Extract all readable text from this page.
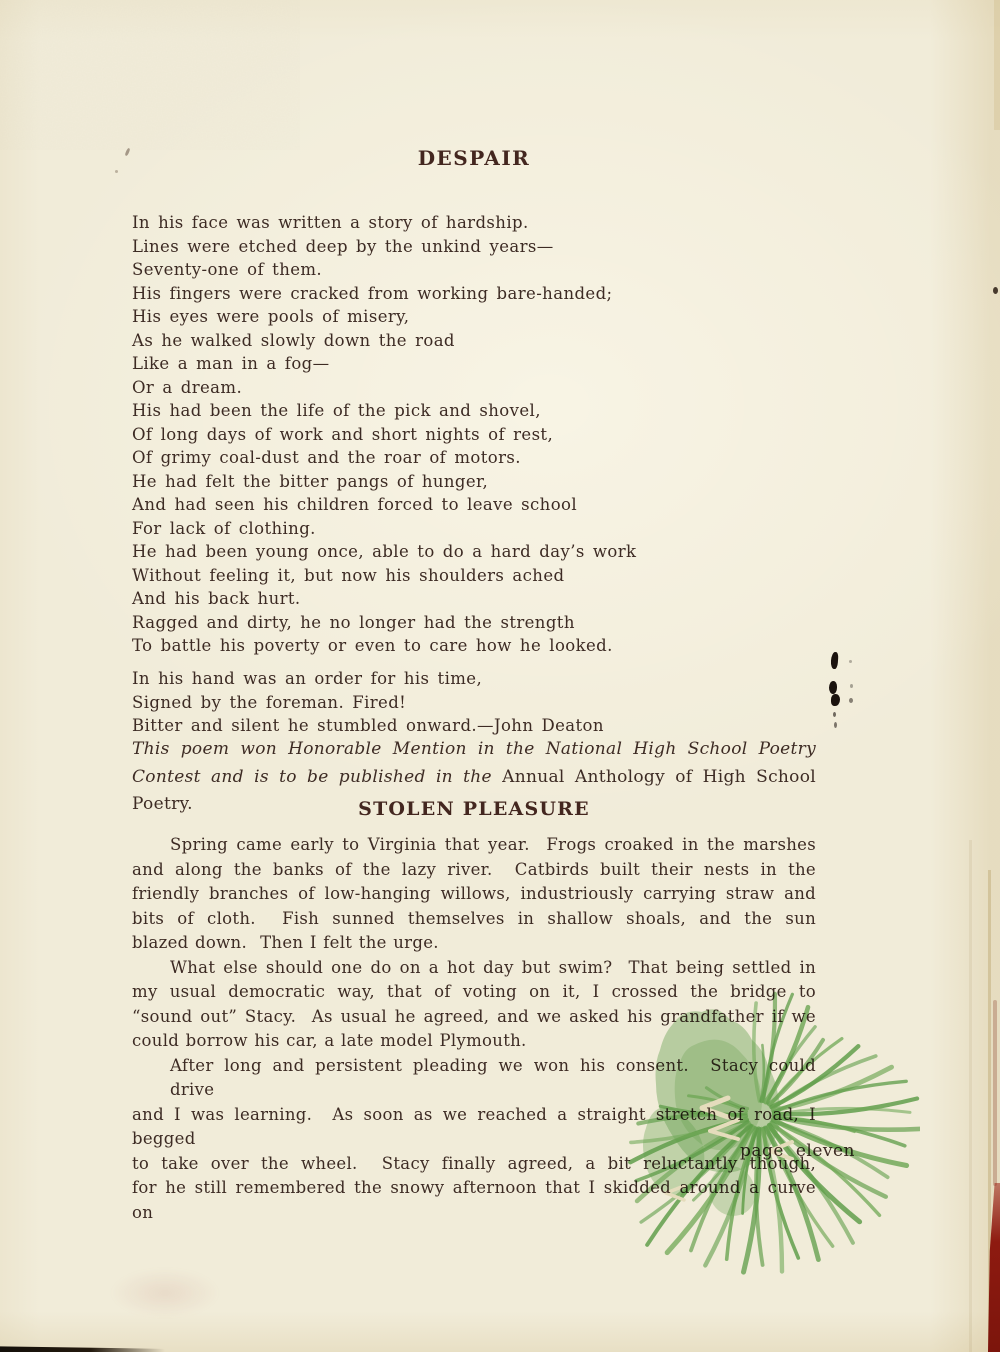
DESPAIR
In his face was written a story of hardship.
Lines were etched deep by the unkind years—
Seventy-one of them.
His fingers were cracked from working bare-handed;
His eyes were pools of misery,
As he walked slowly down the road
Like a man in a fog—
Or a dream.
His had been the life of the pick and shovel,
Of long days of work and short nights of rest,
Of grimy coal-dust and the roar of motors.
He had felt the bitter pangs of hunger,
And had seen his children forced to leave school
For lack of clothing.
He had been young once, able to do a hard day’s work
Without feeling it, but now his shoulders ached
And his back hurt.
Ragged and dirty, he no longer had the strength
To battle his poverty or even to care how he looked.
In his hand was an order for his time,
Signed by the foreman. Fired!
Bitter and silent he stumbled onward.—John Deaton
This poem won Honorable Mention in the National High School Poetry
Contest and is to be published in the Annual Anthology of High School Poetry.	STOLEN PLEASURE
Spring came early to Virginia that year.  Frogs croaked in the marshes
and along the banks of the lazy river.  Catbirds built their nests in the
friendly branches of low-hanging willows, industriously carrying straw and
bits of cloth.  Fish sunned themselves in shallow shoals, and the sun
blazed down.  Then I felt the urge.
What else should one do on a hot day but swim?  That being settled in
my usual democratic way, that of voting on it, I crossed the bridge to
“sound out” Stacy.  As usual he agreed, and we asked his grandfather if we
could borrow his car, a late model Plymouth.
After long and persistent pleading we won his consent.  Stacy could drive
and I was learning.  As soon as we reached a straight stretch of road, I begged
to take over the wheel.  Stacy finally agreed, a bit reluctantly though,
for he still remembered the snowy afternoon that I skidded around a curve on
page eleven
